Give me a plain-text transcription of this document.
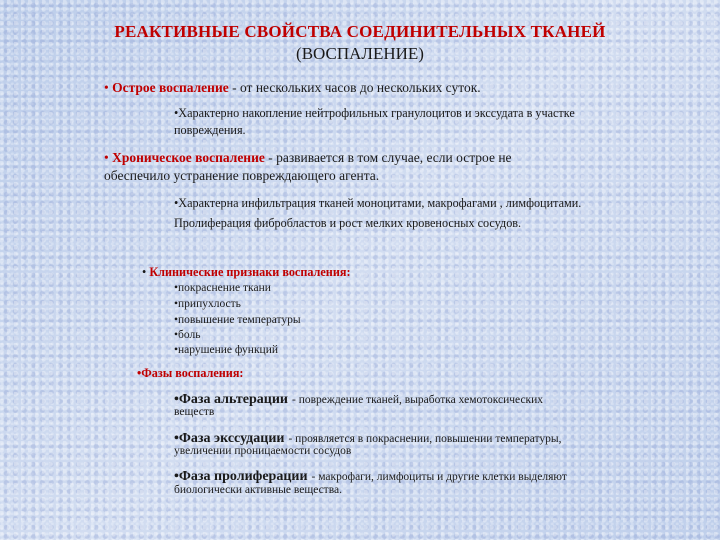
РЕАКТИВНЫЕ СВОЙСТВА СОЕДИНИТЕЛЬНЫХ ТКАНЕЙ
(ВОСПАЛЕНИЕ)
• Острое воспаление - от нескольких часов до нескольких суток.
•Характерно накопление нейтрофильных гранулоцитов и экссудата в участке
повреждения.
• Хроническое воспаление - развивается в том случае, если острое не
обеспечило устранение повреждающего агента.
•Характерна инфильтрация тканей моноцитами, макрофагами , лимфоцитами.
Пролиферация фибробластов и рост мелких кровеносных сосудов.
• Клинические признаки воспаления:
•покраснение ткани
•припухлость
•повышение температуры
•боль
•нарушение функций
•Фазы воспаления:
•Фаза альтерации - повреждение тканей, выработка хемотоксических
веществ
•Фаза экссудации - проявляется в покраснении, повышении температуры,
увеличении проницаемости сосудов
•Фаза пролиферации - макрофаги, лимфоциты и другие клетки выделяют
биологически активные вещества.
